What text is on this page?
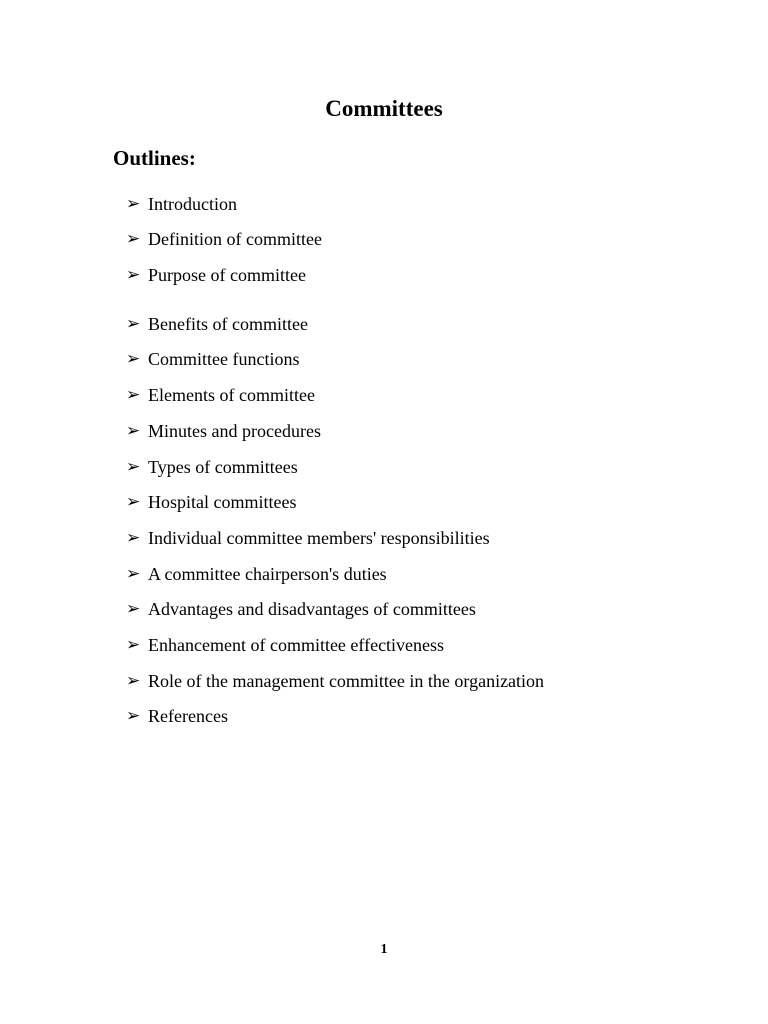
Committees
Outlines:
➢ Introduction
➢ Definition of committee
➢ Purpose of committee
➢ Benefits of committee
➢ Committee functions
➢ Elements of committee
➢ Minutes and procedures
➢ Types of committees
➢ Hospital committees
➢ Individual committee members' responsibilities
➢ A committee chairperson's duties
➢ Advantages and disadvantages of committees
➢ Enhancement of committee effectiveness
➢ Role of the management committee in the organization
➢ References
1
